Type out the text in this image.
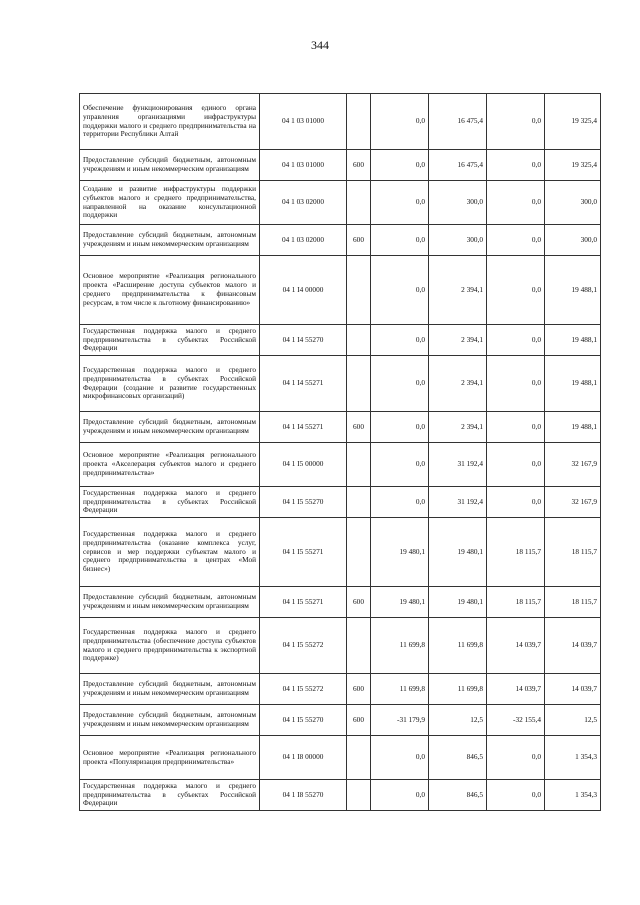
344
Обеспечение функционирования единого органа управления организациями инфраструктуры поддержки малого и среднего предпринимательства на территории Республики Алтай	04 1 03 01000		0,0	16 475,4	0,0	19 325,4
Предоставление субсидий бюджетным, автономным учреждениям и иным некоммерческим организациям	04 1 03 01000	600	0,0	16 475,4	0,0	19 325,4
Создание и развитие инфраструктуры поддержки субъектов малого и среднего предпринимательства, направленной на оказание консультационной поддержки	04 1 03 02000		0,0	300,0	0,0	300,0
Предоставление субсидий бюджетным, автономным учреждениям и иным некоммерческим организациям	04 1 03 02000	600	0,0	300,0	0,0	300,0
Основное мероприятие «Реализация регионального проекта «Расширение доступа субъектов малого и среднего предпринимательства к финансовым ресурсам, в том числе к льготному финансированию»	04 1 I4 00000		0,0	2 394,1	0,0	19 488,1
Государственная поддержка малого и среднего предпринимательства в субъектах Российской Федерации	04 1 I4 55270		0,0	2 394,1	0,0	19 488,1
Государственная поддержка малого и среднего предпринимательства в субъектах Российской Федерации (создание и развитие государственных микрофинансовых организаций)	04 1 I4 55271		0,0	2 394,1	0,0	19 488,1
Предоставление субсидий бюджетным, автономным учреждениям и иным некоммерческим организациям	04 1 I4 55271	600	0,0	2 394,1	0,0	19 488,1
Основное мероприятие «Реализация регионального проекта «Акселерация субъектов малого и среднего предпринимательства»	04 1 I5 00000		0,0	31 192,4	0,0	32 167,9
Государственная поддержка малого и среднего предпринимательства в субъектах Российской Федерации	04 1 I5 55270		0,0	31 192,4	0,0	32 167,9
Государственная поддержка малого и среднего предпринимательства (оказание комплекса услуг, сервисов и мер поддержки субъектам малого и среднего предпринимательства в центрах «Мой бизнес»)	04 1 I5 55271		19 480,1	19 480,1	18 115,7	18 115,7
Предоставление субсидий бюджетным, автономным учреждениям и иным некоммерческим организациям	04 1 I5 55271	600	19 480,1	19 480,1	18 115,7	18 115,7
Государственная поддержка малого и среднего предпринимательства (обеспечение доступа субъектов малого и среднего предпринимательства к экспортной поддержке)	04 1 I5 55272		11 699,8	11 699,8	14 039,7	14 039,7
Предоставление субсидий бюджетным, автономным учреждениям и иным некоммерческим организациям	04 1 I5 55272	600	11 699,8	11 699,8	14 039,7	14 039,7
Предоставление субсидий бюджетным, автономным учреждениям и иным некоммерческим организациям	04 1 I5 55270	600	-31 179,9	12,5	-32 155,4	12,5
Основное мероприятие «Реализация регионального проекта «Популяризация предпринимательства»	04 1 I8 00000		0,0	846,5	0,0	1 354,3
Государственная поддержка малого и среднего предпринимательства в субъектах Российской Федерации	04 1 I8 55270		0,0	846,5	0,0	1 354,3
